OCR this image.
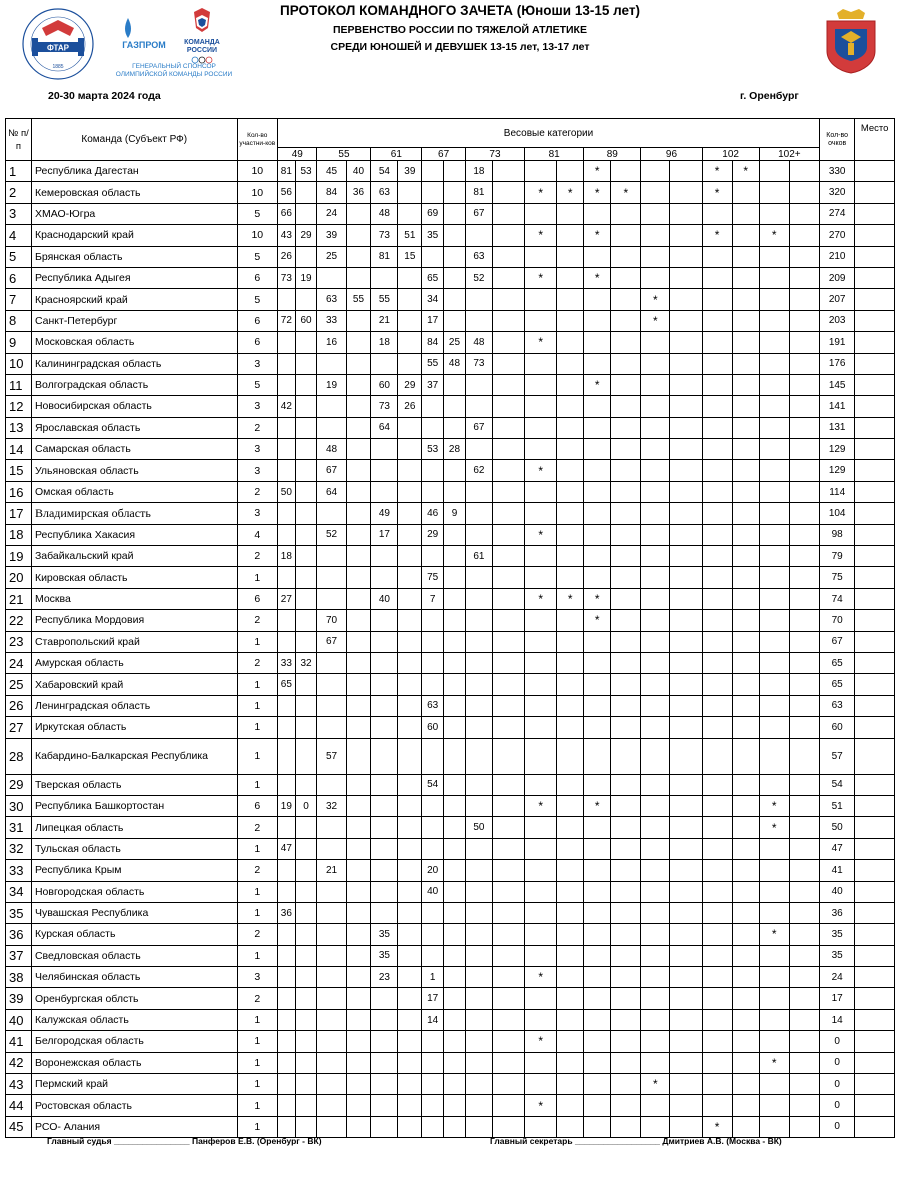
ФТАР
1885
ГАЗПРОМ	КОМАНДА
РОССИИ
ГЕНЕРАЛЬНЫЙ СПОНСОР
ОЛИМПИЙСКОЙ КОМАНДЫ РОССИИ
ПРОТОКОЛ КОМАНДНОГО ЗАЧЕТА (Юноши 13-15 лет)
ПЕРВЕНСТВО РОССИИ ПО ТЯЖЕЛОЙ АТЛЕТИКЕ
СРЕДИ ЮНОШЕЙ И ДЕВУШЕК 13-15 лет, 13-17 лет
20-30 марта 2024 года	г. Оренбург
№ п/п	Команда (Субъект РФ)	Кол-во участни-ков	Весовые категории																				Кол-во очков	Место
			49		55		61		67		73		81		89		96		102		102+			
1	Республика Дагестан	10	81	53	45	40	54	39			18				*				*	*			330	
2	Кемеровская область	10	56		84	36	63				81		*	*	*	*			*				320	
3	ХМАО-Югра	5	66		24		48		69		67												274	
4	Краснодарский край	10	43	29	39		73	51	35				*		*				*		*		270	
5	Брянская область	5	26		25		81	15			63												210	
6	Республика Адыгея	6	73	19					65		52		*		*								209	
7	Красноярский край	5			63	55	55		34								*						207	
8	Санкт-Петербург	6	72	60	33		21		17								*						203	
9	Московская область	6			16		18		84	25	48		*										191	
10	Калининградская область	3							55	48	73												176	
11	Волгоградская область	5			19		60	29	37						*								145	
12	Новосибирская область	3	42				73	26															141	
13	Ярославская область	2					64				67												131	
14	Самарская область	3			48				53	28													129	
15	Ульяновская область	3			67						62		*										129	
16	Омская область	2	50		64																		114	
17	Владимирская область	3					49		46	9													104	
18	Республика Хакасия	4			52		17		29				*										98	
19	Забайкальский край	2	18								61												79	
20	Кировская область	1							75														75	
21	Москва	6	27				40		7				*	*	*								74	
22	Республика Мордовия	2			70										*								70	
23	Ставропольский край	1			67																		67	
24	Амурская область	2	33	32																			65	
25	Хабаровский край	1	65																				65	
26	Ленинградская область	1							63														63	
27	Иркутская область	1							60														60	
28	Кабардино-Балкарская Республика	1			57																		57	
29	Тверская область	1							54														54	
30	Республика Башкортостан	6	19	0	32								*		*						*		51	
31	Липецкая область	2									50										*		50	
32	Тульская область	1	47																				47	
33	Республика Крым	2			21				20														41	
34	Новгородская область	1							40														40	
35	Чувашская Республика	1	36																				36	
36	Курская область	2					35														*		35	
37	Сведловская область	1					35																35	
38	Челябинская область	3					23		1				*										24	
39	Оренбургская облсть	2							17														17	
40	Калужская область	1							14														14	
41	Белгородская область	1											*										0	
42	Воронежская область	1																			*		0	
43	Пермский край	1															*						0	
44	Ростовская область	1											*										0	
45	РСО- Алания	1																	*				0	
Главный судья ________________ Панферов Е.В. (Оренбург - ВК)	Главный секретарь __________________ Дмитриев А.В. (Москва - ВК)
